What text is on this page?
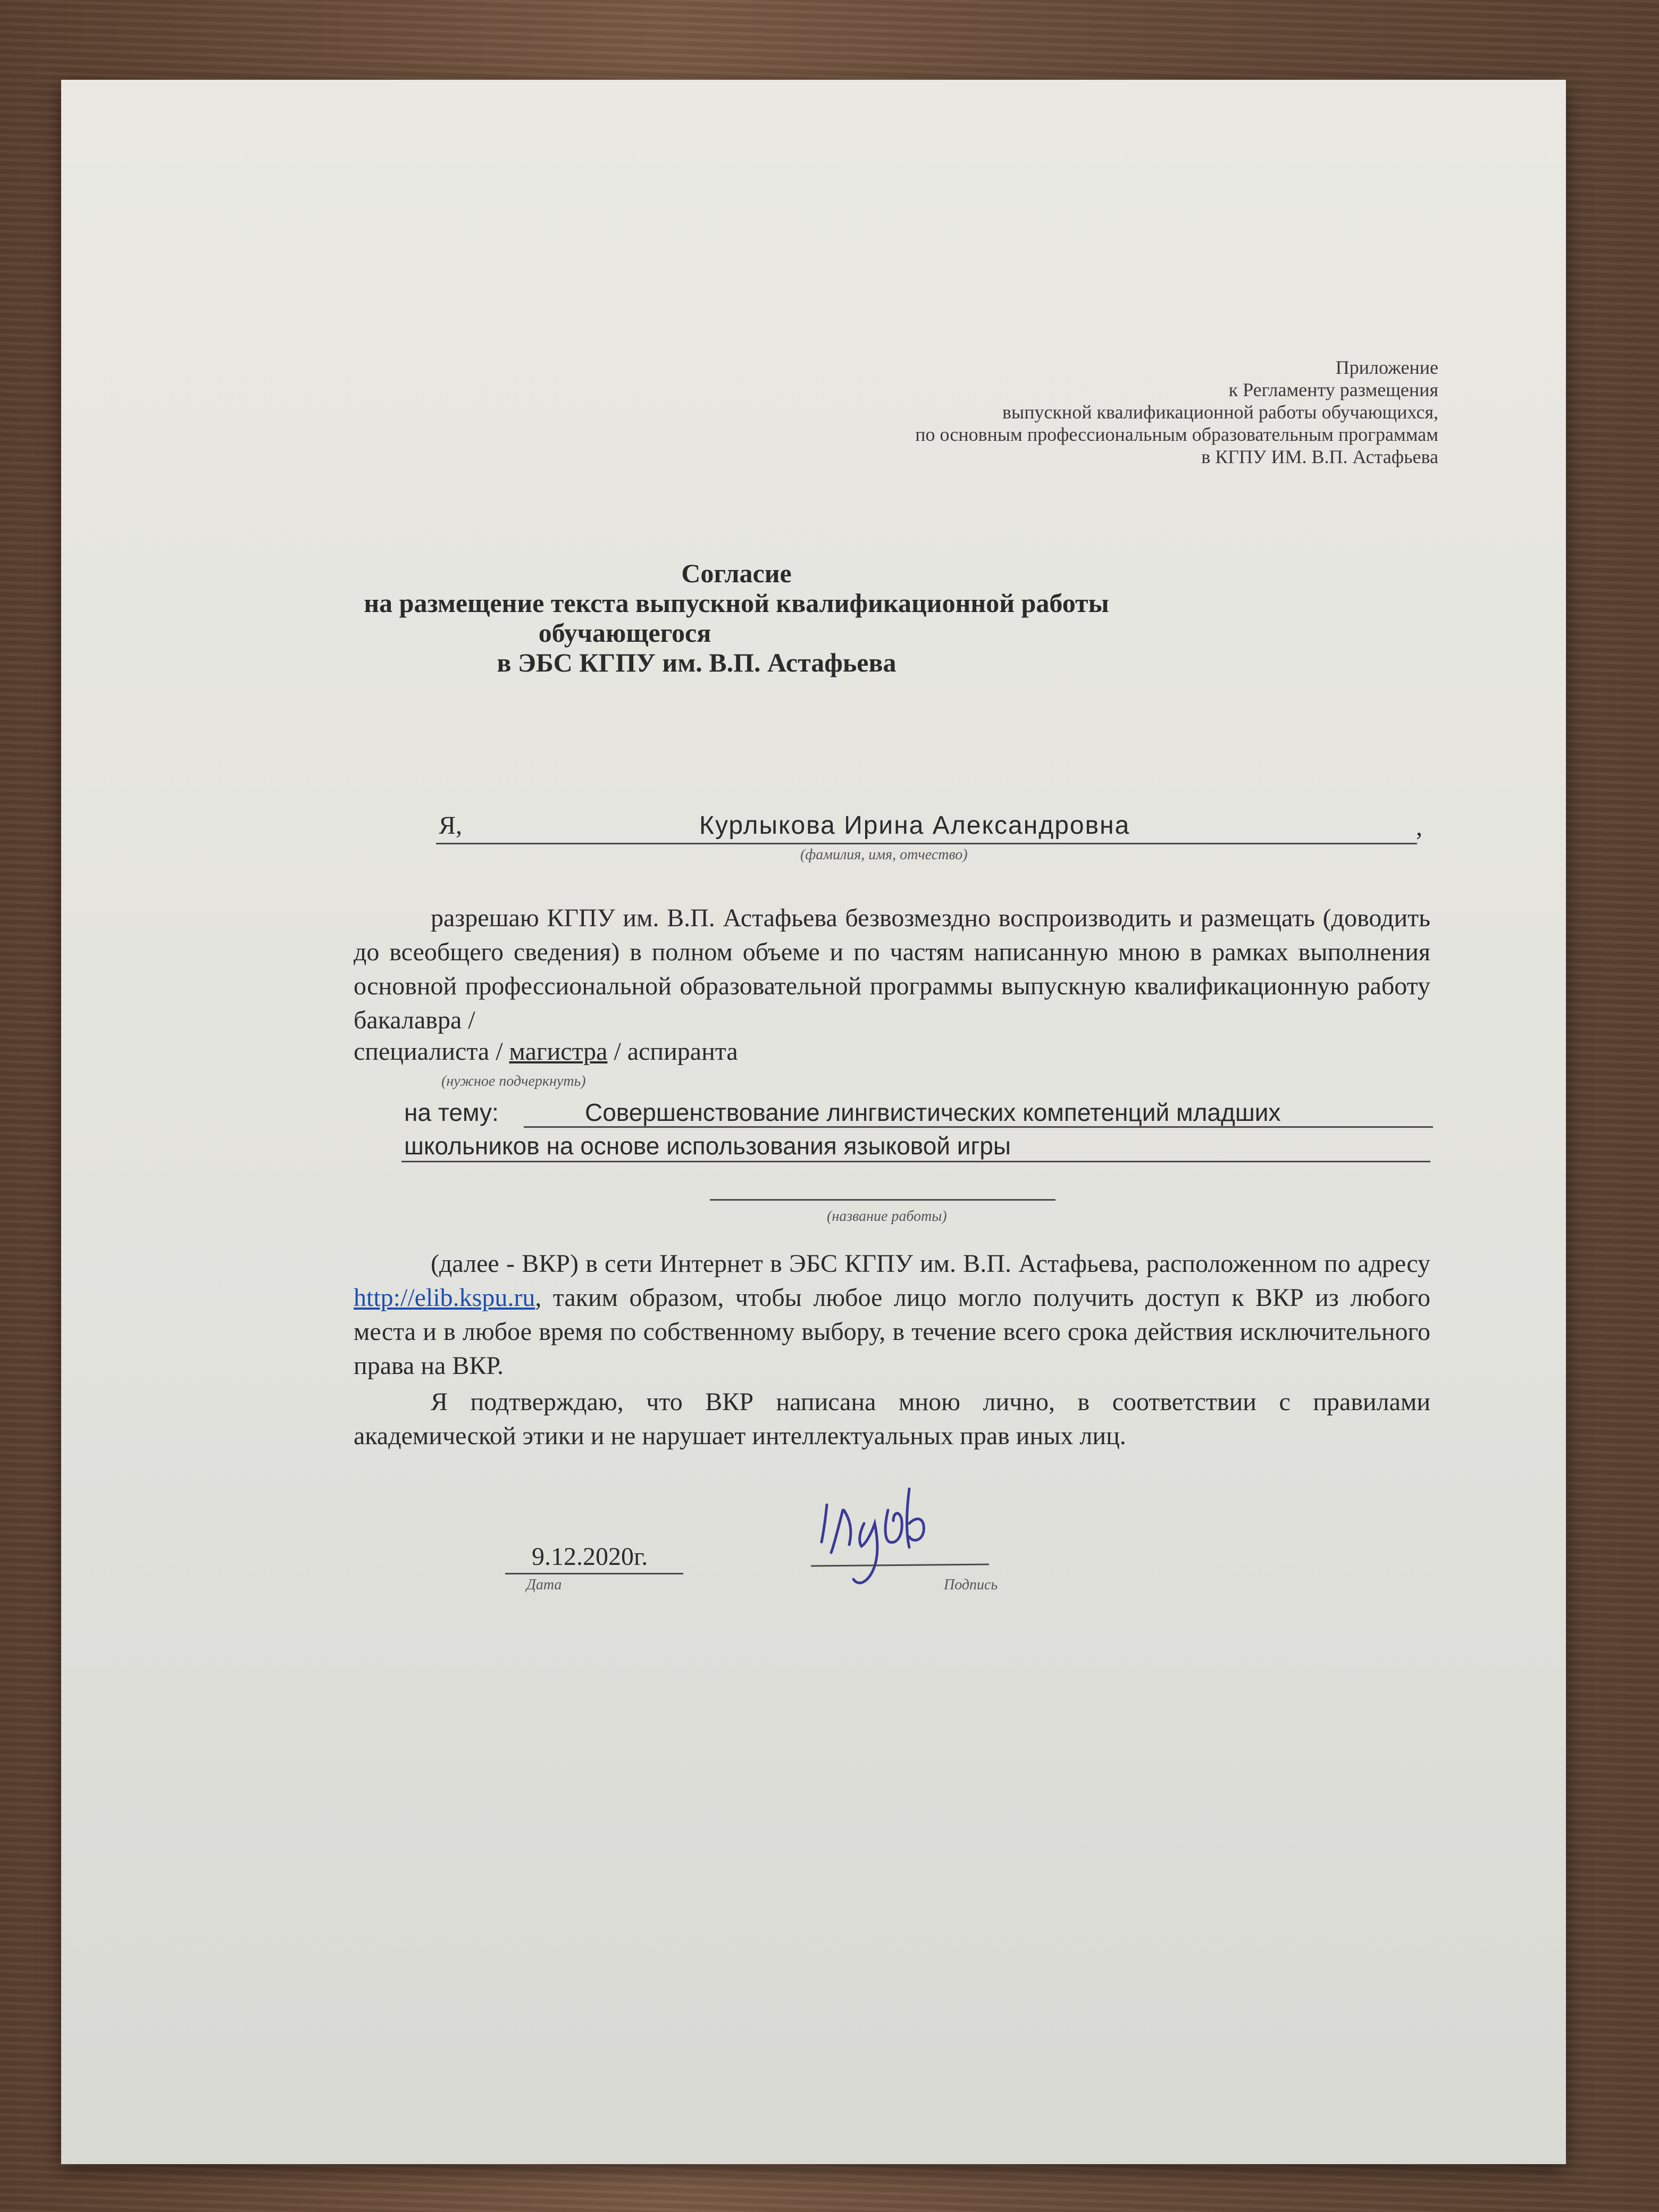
Приложение
к Регламенту размещения
выпускной квалификационной работы обучающихся,
по основным профессиональным образовательным программам
в КГПУ ИМ. В.П. Астафьева
Согласие
на размещение текста выпускной квалификационной работы
обучающегося
в ЭБС КГПУ им. В.П. Астафьева
Я,	Курлыкова Ирина Александровна	,
(фамилия, имя, отчество)
разрешаю КГПУ им. В.П. Астафьева безвозмездно воспроизводить и размещать (доводить до всеобщего сведения) в полном объеме и по частям написанную мною в рамках выполнения основной профессиональной образовательной программы выпускную квалификационную работу бакалавра /
специалиста / магистра / аспиранта
(нужное подчеркнуть)
на тему:	Совершенствование лингвистических компетенций младших
школьников на основе использования языковой игры
(название работы)
(далее - ВКР) в сети Интернет в ЭБС КГПУ им. В.П. Астафьева, расположенном по адресу http://elib.kspu.ru, таким образом, чтобы любое лицо могло получить доступ к ВКР из любого места и в любое время по собственному выбору, в течение всего срока действия исключительного права на ВКР.
Я подтверждаю, что ВКР написана мною лично, в соответствии с правилами академической этики и не нарушает интеллектуальных прав иных лиц.
9.12.2020г.
Дата	Подпись
